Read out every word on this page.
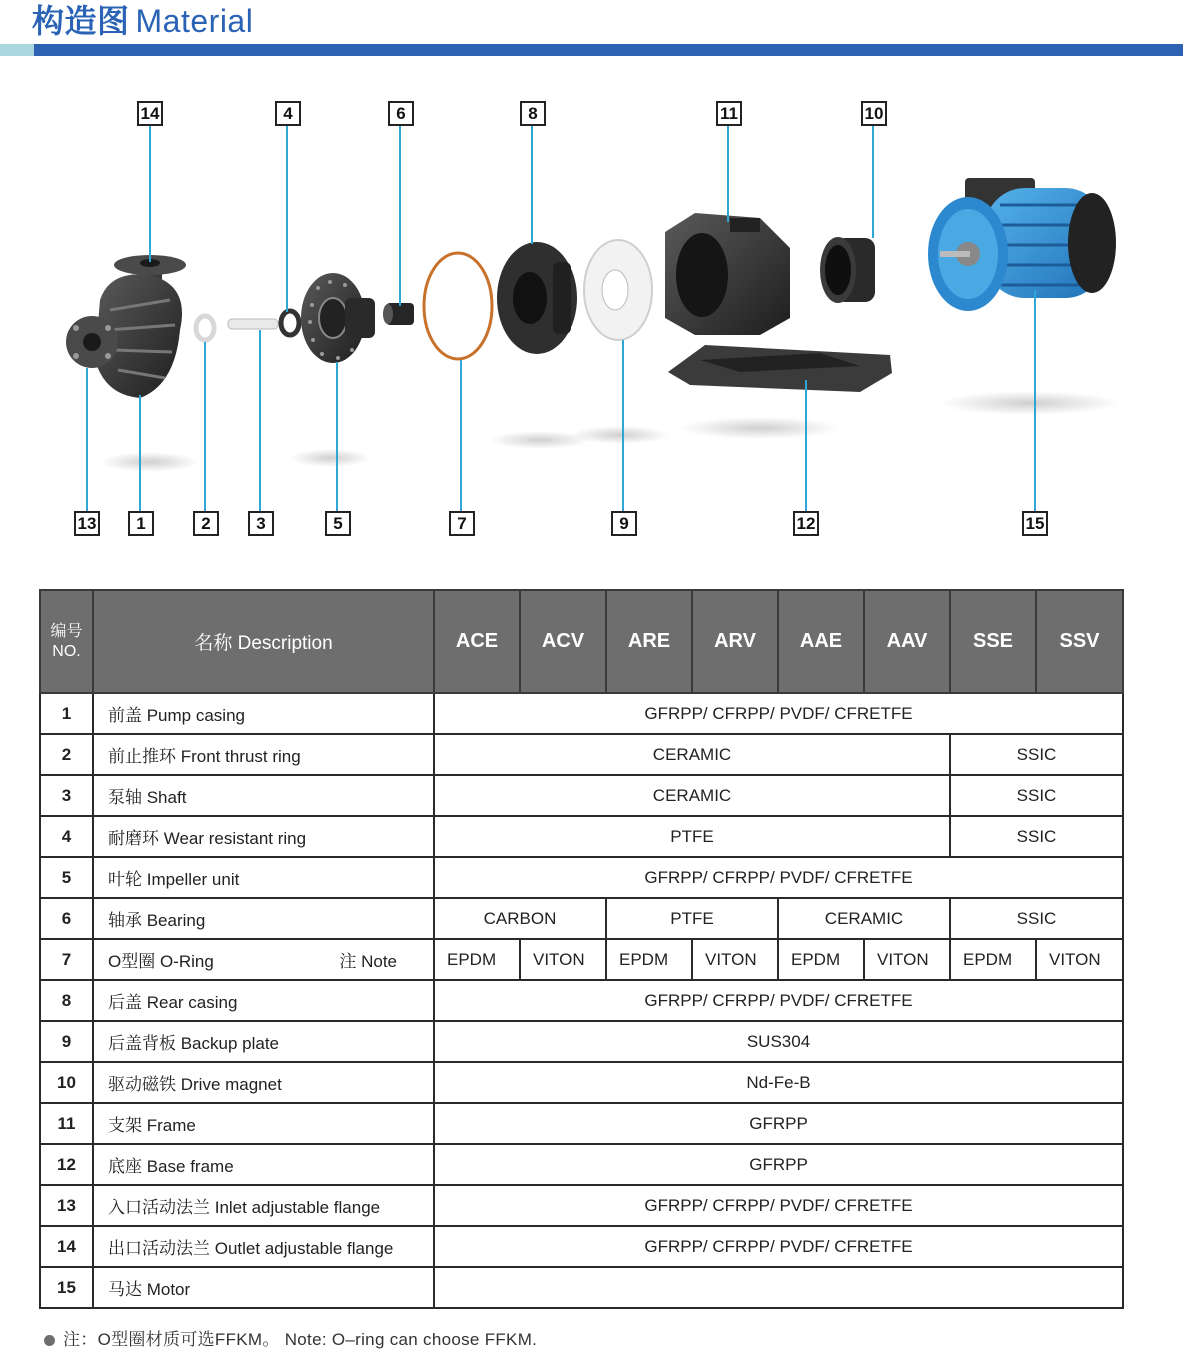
构造图 Material
14	4	6	8	11	10
13	1	2	3	5	7	9	12	15
编号
NO.	名称 Description	ACE	ACV	ARE	ARV	AAE	AAV	SSE	SSV
1	前盖 Pump casing	GFRPP/ CFRPP/ PVDF/ CFRETFE							
2	前止推环 Front thrust ring	CERAMIC						SSIC	
3	泵轴 Shaft	CERAMIC						SSIC	
4	耐磨环 Wear resistant ring	PTFE						SSIC	
5	叶轮 Impeller unit	GFRPP/ CFRPP/ PVDF/ CFRETFE							
6	轴承 Bearing	CARBON		PTFE		CERAMIC		SSIC	
7	O型圈 O-Ring 注 Note	EPDM	VITON	EPDM	VITON	EPDM	VITON	EPDM	VITON
8	后盖 Rear casing	GFRPP/ CFRPP/ PVDF/ CFRETFE							
9	后盖背板 Backup plate	SUS304							
10	驱动磁铁 Drive magnet	Nd-Fe-B							
11	支架 Frame	GFRPP							
12	底座 Base frame	GFRPP							
13	入口活动法兰 Inlet adjustable flange	GFRPP/ CFRPP/ PVDF/ CFRETFE							
14	出口活动法兰 Outlet adjustable flange	GFRPP/ CFRPP/ PVDF/ CFRETFE							
15	马达 Motor								
注：O型圈材质可选FFKM。 Note: O–ring can choose FFKM.
